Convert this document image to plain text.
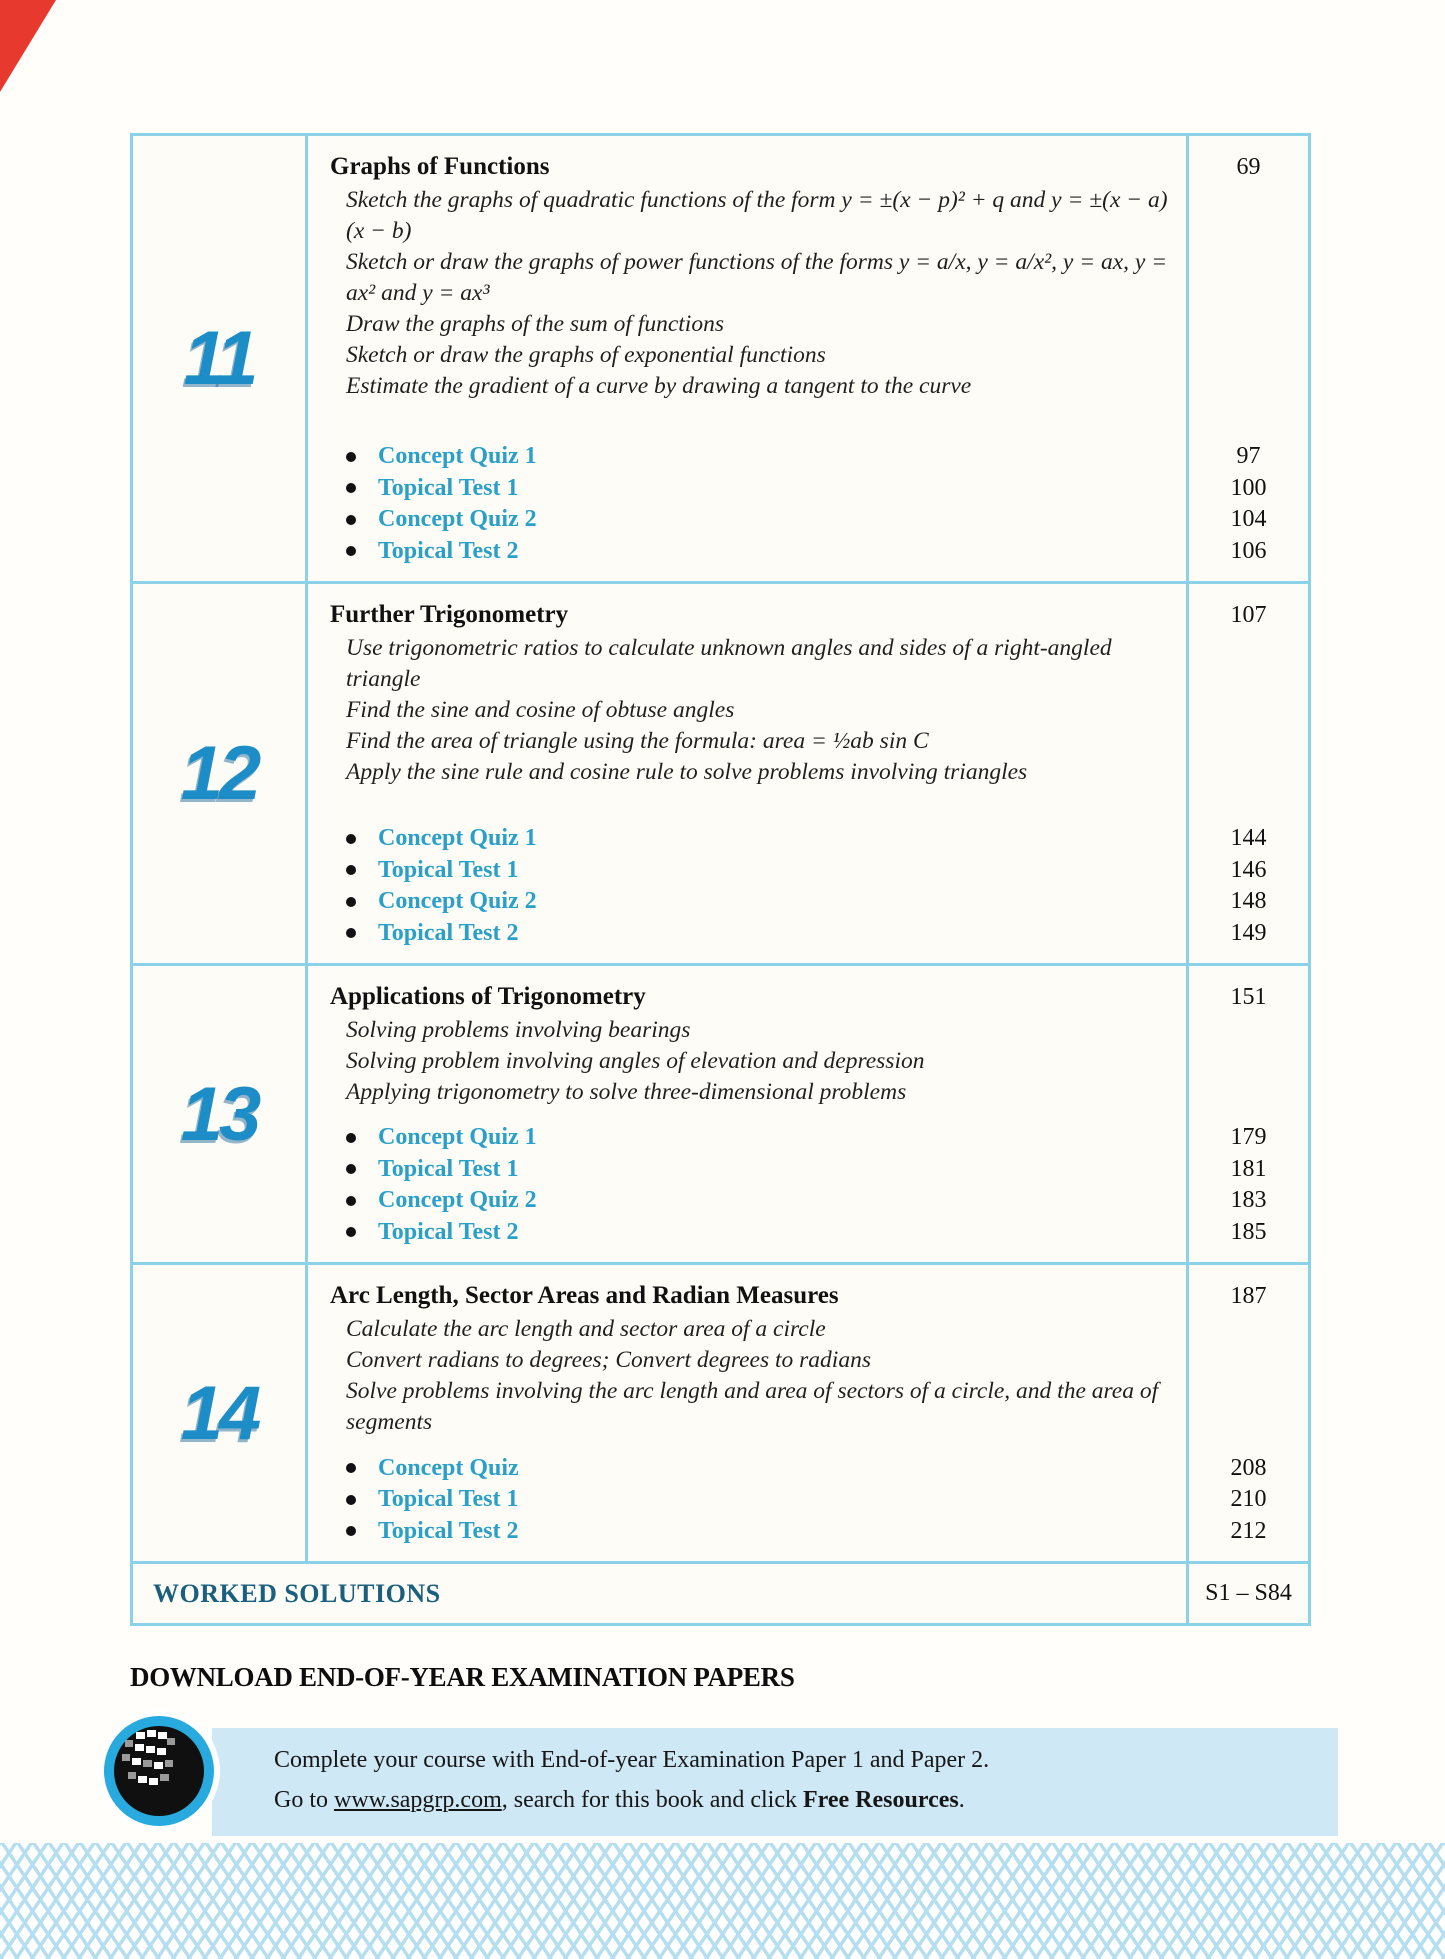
11
Graphs of Functions
Sketch the graphs of quadratic functions of the form y = ±(x − p)² + q and y = ±(x − a)(x − b)
Sketch or draw the graphs of power functions of the forms y = a/x, y = a/x², y = ax, y = ax² and y = ax³
Draw the graphs of the sum of functions
Sketch or draw the graphs of exponential functions
Estimate the gradient of a curve by drawing a tangent to the curve
Concept Quiz 1
Topical Test 1
Concept Quiz 2
Topical Test 2
69
97
100
104
106
12
Further Trigonometry
Use trigonometric ratios to calculate unknown angles and sides of a right-angled triangle
Find the sine and cosine of obtuse angles
Find the area of triangle using the formula: area = ½ab sin C
Apply the sine rule and cosine rule to solve problems involving triangles
Concept Quiz 1
Topical Test 1
Concept Quiz 2
Topical Test 2
107
144
146
148
149
13
Applications of Trigonometry
Solving problems involving bearings
Solving problem involving angles of elevation and depression
Applying trigonometry to solve three-dimensional problems
Concept Quiz 1
Topical Test 1
Concept Quiz 2
Topical Test 2
151
179
181
183
185
14
Arc Length, Sector Areas and Radian Measures
Calculate the arc length and sector area of a circle
Convert radians to degrees; Convert degrees to radians
Solve problems involving the arc length and area of sectors of a circle, and the area of segments
Concept Quiz
Topical Test 1
Topical Test 2
187
208
210
212
WORKED SOLUTIONS	S1 – S84
DOWNLOAD END-OF-YEAR EXAMINATION PAPERS
Complete your course with End-of-year Examination Paper 1 and Paper 2.
Go to www.sapgrp.com, search for this book and click Free Resources.
